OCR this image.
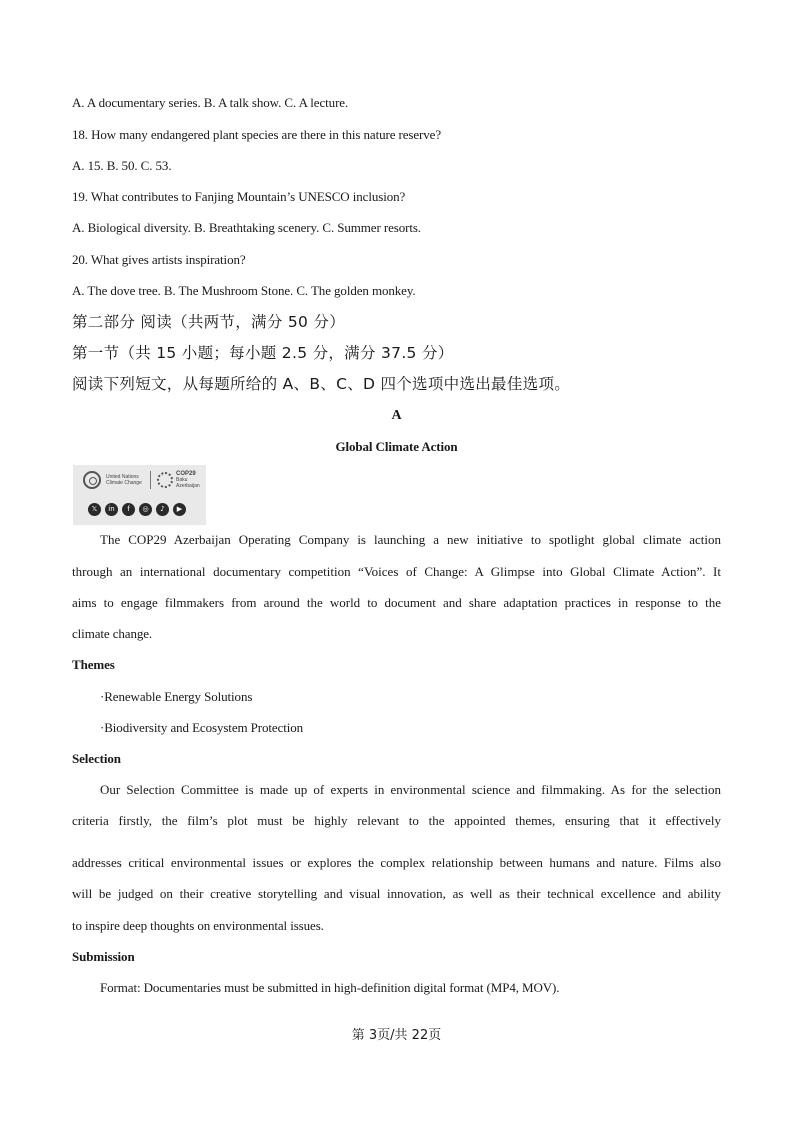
A. A documentary series. B. A talk show. C. A lecture.
18. How many endangered plant species are there in this nature reserve?
A. 15. B. 50. C. 53.
19. What contributes to Fanjing Mountain’s UNESCO inclusion?
A. Biological diversity. B. Breathtaking scenery. C. Summer resorts.
20. What gives artists inspiration?
A. The dove tree. B. The Mushroom Stone. C. The golden monkey.
第二部分 阅读（共两节，满分 50 分）
第一节（共 15 小题；每小题 2.5 分，满分 37.5 分）
阅读下列短文，从每题所给的 A、B、C、D 四个选项中选出最佳选项。
A
Global Climate Action
United Nations Climate Change
COP29
Baku Azerbaijan
𝕏	in	f	◎	♪	▶
The COP29 Azerbaijan Operating Company is launching a new initiative to spotlight global climate action
through an international documentary competition “Voices of Change: A Glimpse into Global Climate Action”. It
aims to engage filmmakers from around the world to document and share adaptation practices in response to the
climate change.
Themes
·Renewable Energy Solutions
·Biodiversity and Ecosystem Protection
Selection
Our Selection Committee is made up of experts in environmental science and filmmaking. As for the selection
criteria firstly, the film’s plot must be highly relevant to the appointed themes, ensuring that it effectively
addresses critical environmental issues or explores the complex relationship between humans and nature. Films also
will be judged on their creative storytelling and visual innovation, as well as their technical excellence and ability
to inspire deep thoughts on environmental issues.
Submission
Format: Documentaries must be submitted in high-definition digital format (MP4, MOV).
第 3页/共 22页
